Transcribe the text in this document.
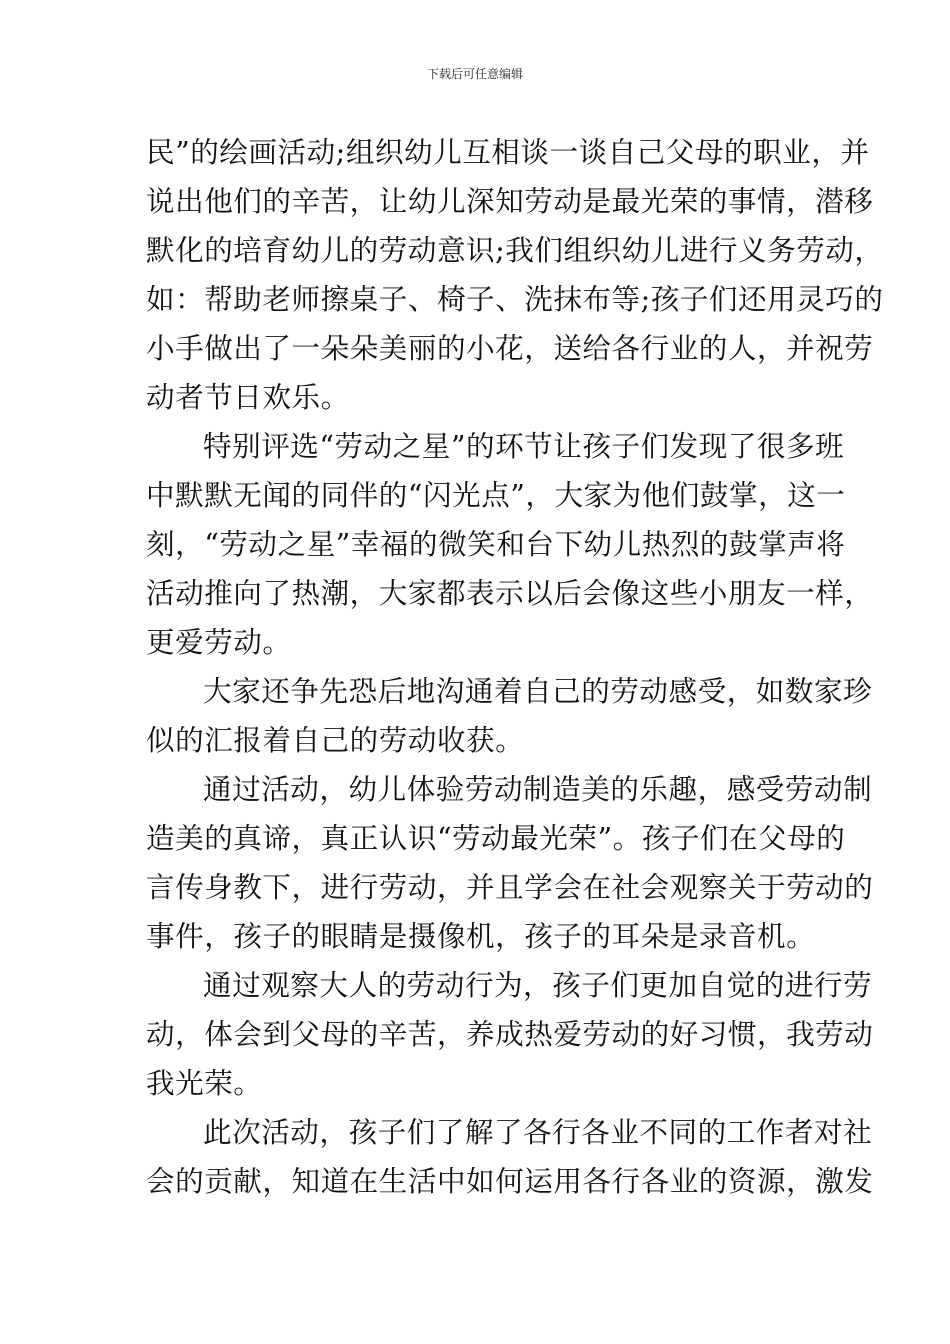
下载后可任意编辑
民”的绘画活动;组织幼儿互相谈一谈自己父母的职业，并
说出他们的辛苦，让幼儿深知劳动是最光荣的事情，潜移
默化的培育幼儿的劳动意识;我们组织幼儿进行义务劳动，
如：帮助老师擦桌子、椅子、洗抹布等;孩子们还用灵巧的
小手做出了一朵朵美丽的小花，送给各行业的人，并祝劳
动者节日欢乐。
特别评选“劳动之星”的环节让孩子们发现了很多班
中默默无闻的同伴的“闪光点”，大家为他们鼓掌，这一
刻，“劳动之星”幸福的微笑和台下幼儿热烈的鼓掌声将
活动推向了热潮，大家都表示以后会像这些小朋友一样，
更爱劳动。
大家还争先恐后地沟通着自己的劳动感受，如数家珍
似的汇报着自己的劳动收获。
通过活动，幼儿体验劳动制造美的乐趣，感受劳动制
造美的真谛，真正认识“劳动最光荣”。孩子们在父母的
言传身教下，进行劳动，并且学会在社会观察关于劳动的
事件，孩子的眼睛是摄像机，孩子的耳朵是录音机。
通过观察大人的劳动行为，孩子们更加自觉的进行劳
动，体会到父母的辛苦，养成热爱劳动的好习惯，我劳动
我光荣。
此次活动，孩子们了解了各行各业不同的工作者对社
会的贡献，知道在生活中如何运用各行各业的资源，激发
